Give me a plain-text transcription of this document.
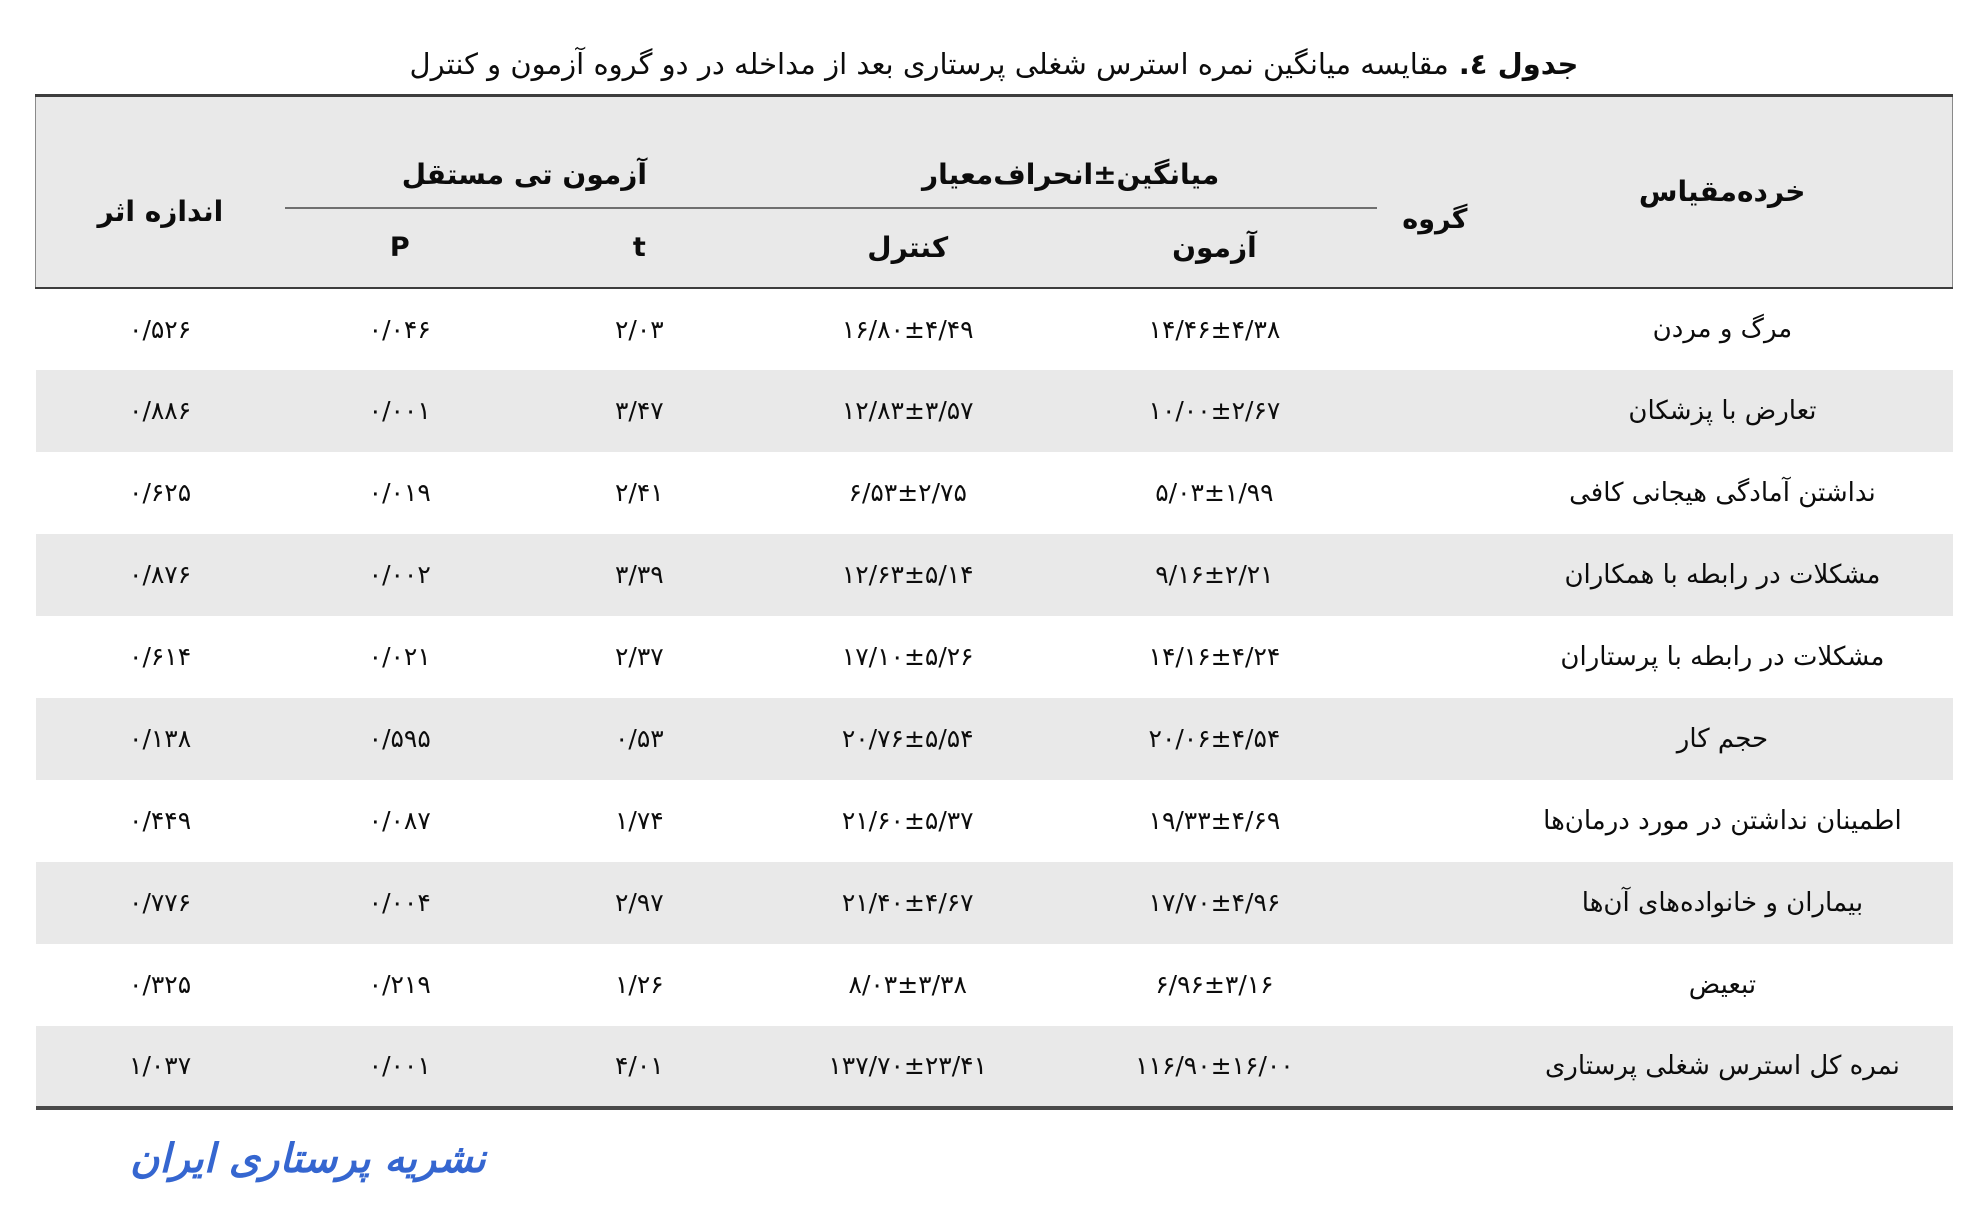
جدول ٤.مقایسه میانگین نمره استرس شغلی پرستاری بعد از مداخله در دو گروه آزمون و کنترل
اندازه اثر	آزمون تی مستقل		میانگین±انحراف‌معیار		گروه	خرده‌مقیاس
	P	t	کنترل	آزمون		
۰/۵۲۶	۰/۰۴۶	۲/۰۳	۱۶/۸۰±۴/۴۹	۱۴/۴۶±۴/۳۸		مرگ و مردن
۰/۸۸۶	۰/۰۰۱	۳/۴۷	۱۲/۸۳±۳/۵۷	۱۰/۰۰±۲/۶۷		تعارض با پزشکان
۰/۶۲۵	۰/۰۱۹	۲/۴۱	۶/۵۳±۲/۷۵	۵/۰۳±۱/۹۹		نداشتن آمادگی هیجانی کافی
۰/۸۷۶	۰/۰۰۲	۳/۳۹	۱۲/۶۳±۵/۱۴	۹/۱۶±۲/۲۱		مشکلات در رابطه با همکاران
۰/۶۱۴	۰/۰۲۱	۲/۳۷	۱۷/۱۰±۵/۲۶	۱۴/۱۶±۴/۲۴		مشکلات در رابطه با پرستاران
۰/۱۳۸	۰/۵۹۵	۰/۵۳	۲۰/۷۶±۵/۵۴	۲۰/۰۶±۴/۵۴		حجم کار
۰/۴۴۹	۰/۰۸۷	۱/۷۴	۲۱/۶۰±۵/۳۷	۱۹/۳۳±۴/۶۹		اطمینان نداشتن در مورد درمان‌ها
۰/۷۷۶	۰/۰۰۴	۲/۹۷	۲۱/۴۰±۴/۶۷	۱۷/۷۰±۴/۹۶		بیماران و خانواده‌های آن‌ها
۰/۳۲۵	۰/۲۱۹	۱/۲۶	۸/۰۳±۳/۳۸	۶/۹۶±۳/۱۶		تبعیض
۱/۰۳۷	۰/۰۰۱	۴/۰۱	۱۳۷/۷۰±۲۳/۴۱	۱۱۶/۹۰±۱۶/۰۰		نمره کل استرس شغلی پرستاری
نشریه پرستاری ایران
